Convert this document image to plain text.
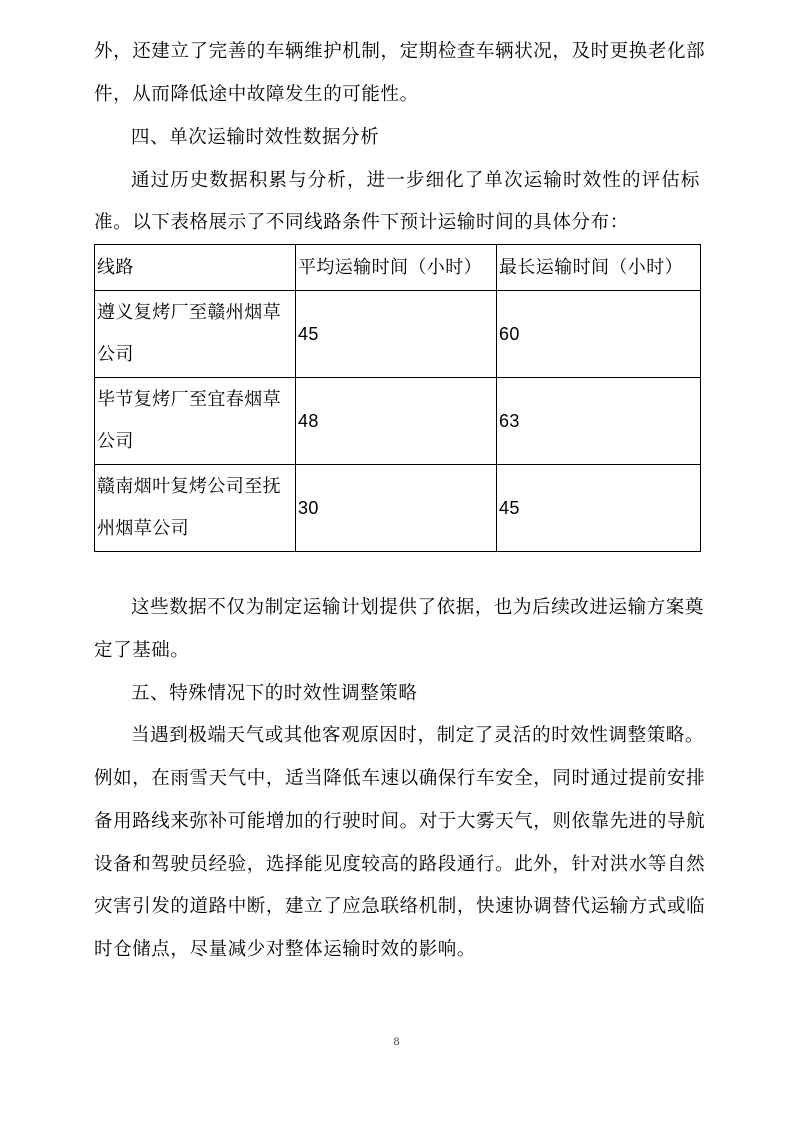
外，还建立了完善的车辆维护机制，定期检查车辆状况，及时更换老化部
件，从而降低途中故障发生的可能性。
四、单次运输时效性数据分析
通过历史数据积累与分析，进一步细化了单次运输时效性的评估标
准。以下表格展示了不同线路条件下预计运输时间的具体分布：
线路	平均运输时间（小时）	最长运输时间（小时）
遵义复烤厂至赣州烟草公司	45	60
毕节复烤厂至宜春烟草公司	48	63
赣南烟叶复烤公司至抚州烟草公司	30	45
这些数据不仅为制定运输计划提供了依据，也为后续改进运输方案奠
定了基础。
五、特殊情况下的时效性调整策略
当遇到极端天气或其他客观原因时，制定了灵活的时效性调整策略。
例如，在雨雪天气中，适当降低车速以确保行车安全，同时通过提前安排
备用路线来弥补可能增加的行驶时间。对于大雾天气，则依靠先进的导航
设备和驾驶员经验，选择能见度较高的路段通行。此外，针对洪水等自然
灾害引发的道路中断，建立了应急联络机制，快速协调替代运输方式或临
时仓储点，尽量减少对整体运输时效的影响。
8
